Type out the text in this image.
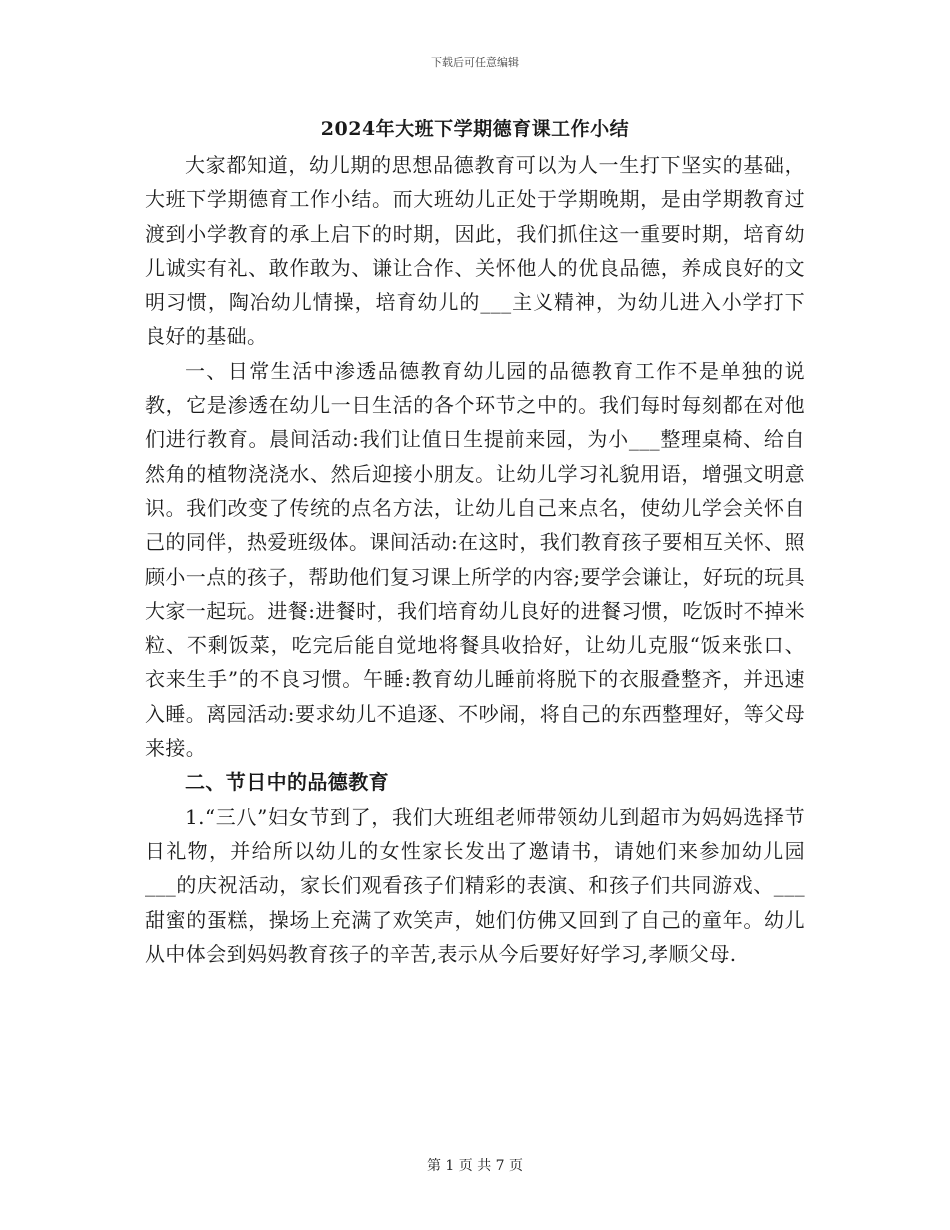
下载后可任意编辑
2024年大班下学期德育课工作小结

大家都知道，幼儿期的思想品德教育可以为人一生打下坚实的基础，大班下学期德育工作小结。而大班幼儿正处于学期晚期，是由学期教育过渡到小学教育的承上启下的时期，因此，我们抓住这一重要时期，培育幼儿诚实有礼、敢作敢为、谦让合作、关怀他人的优良品德，养成良好的文明习惯，陶冶幼儿情操，培育幼儿的___主义精神，为幼儿进入小学打下良好的基础。

一、日常生活中渗透品德教育幼儿园的品德教育工作不是单独的说教，它是渗透在幼儿一日生活的各个环节之中的。我们每时每刻都在对他们进行教育。晨间活动:我们让值日生提前来园，为小___整理桌椅、给自然角的植物浇浇水、然后迎接小朋友。让幼儿学习礼貌用语，增强文明意识。我们改变了传统的点名方法，让幼儿自己来点名，使幼儿学会关怀自己的同伴，热爱班级体。课间活动:在这时，我们教育孩子要相互关怀、照顾小一点的孩子，帮助他们复习课上所学的内容;要学会谦让，好玩的玩具大家一起玩。进餐:进餐时，我们培育幼儿良好的进餐习惯，吃饭时不掉米粒、不剩饭菜，吃完后能自觉地将餐具收拾好，让幼儿克服“饭来张口、衣来生手”的不良习惯。午睡:教育幼儿睡前将脱下的衣服叠整齐，并迅速入睡。离园活动:要求幼儿不追逐、不吵闹，将自己的东西整理好，等父母来接。

二、节日中的品德教育

1.“三八”妇女节到了，我们大班组老师带领幼儿到超市为妈妈选择节日礼物，并给所以幼儿的女性家长发出了邀请书，请她们来参加幼儿园___的庆祝活动，家长们观看孩子们精彩的表演、和孩子们共同游戏、___甜蜜的蛋糕，操场上充满了欢笑声，她们仿佛又回到了自己的童年。幼儿从中体会到妈妈教育孩子的辛苦,表示从今后要好好学习,孝顺父母.

第 1 页 共 7 页
